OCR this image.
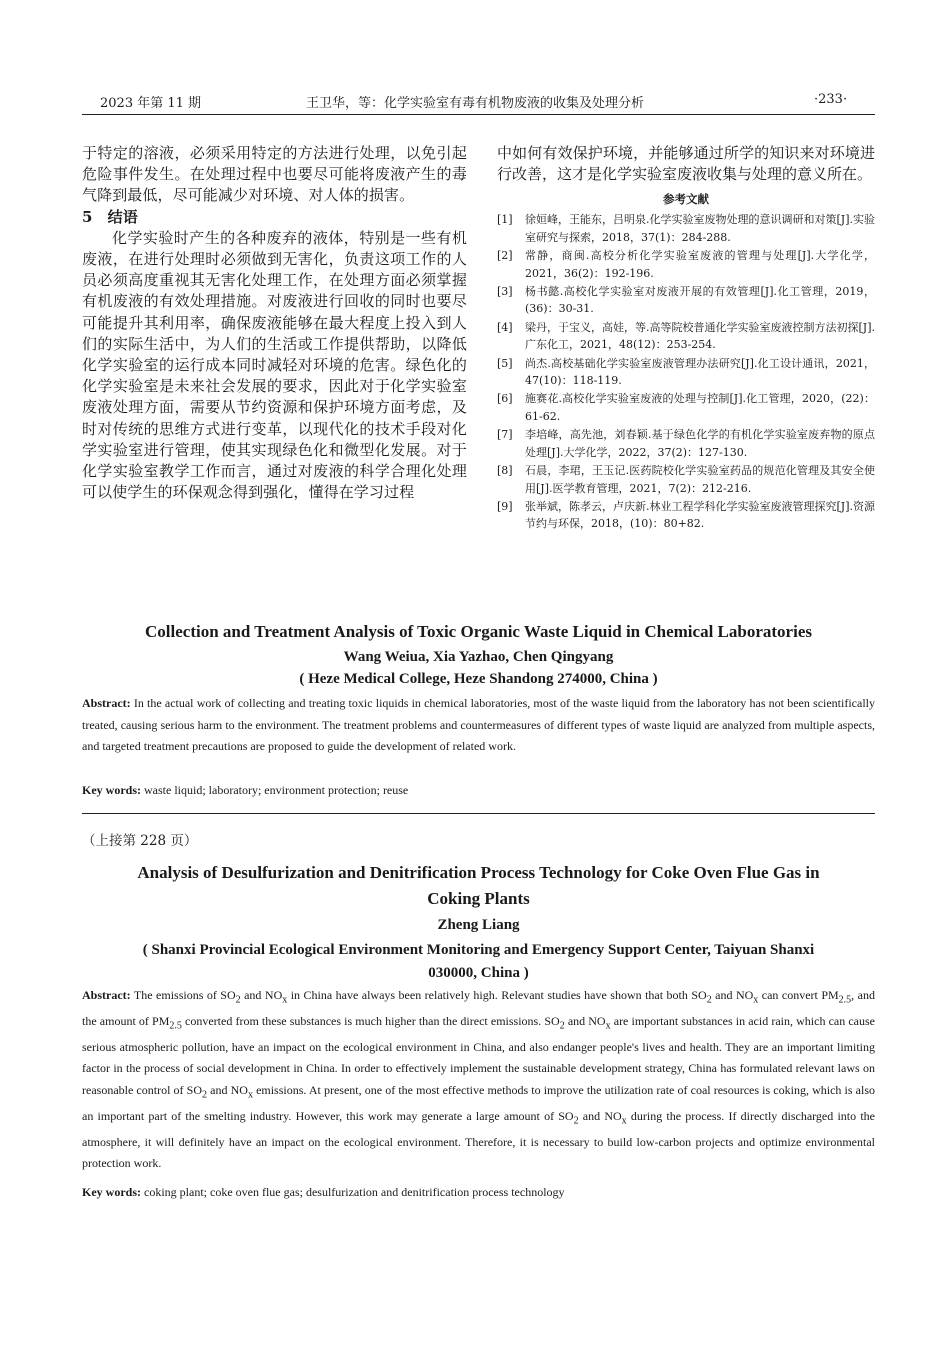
2023 年第 11 期	王卫华，等：化学实验室有毒有机物废液的收集及处理分析	·233·

于特定的溶液，必须采用特定的方法进行处理，以免引起危险事件发生。在处理过程中也要尽可能将废液产生的毒气降到最低，尽可能减少对环境、对人体的损害。

5　结语

化学实验时产生的各种废弃的液体，特别是一些有机废液，在进行处理时必须做到无害化，负责这项工作的人员必须高度重视其无害化处理工作，在处理方面必须掌握有机废液的有效处理措施。对废液进行回收的同时也要尽可能提升其利用率，确保废液能够在最大程度上投入到人们的实际生活中，为人们的生活或工作提供帮助，以降低化学实验室的运行成本同时减轻对环境的危害。绿色化的化学实验室是未来社会发展的要求，因此对于化学实验室废液处理方面，需要从节约资源和保护环境方面考虑，及时对传统的思维方式进行变革，以现代化的技术手段对化学实验室进行管理，使其实现绿色化和微型化发展。对于化学实验室教学工作而言，通过对废液的科学合理化处理可以使学生的环保观念得到强化，懂得在学习过程

中如何有效保护环境，并能够通过所学的知识来对环境进行改善，这才是化学实验室废液收集与处理的意义所在。

参考文献
[1]	徐姮峰，王能东，吕明泉.化学实验室废物处理的意识调研和对策[J].实验室研究与探索，2018，37(1)：284-288.
[2]	常静，商闽.高校分析化学实验室废液的管理与处理[J].大学化学，2021，36(2)：192-196.
[3]	杨书懿.高校化学实验室对废液开展的有效管理[J].化工管理，2019，(36)：30-31.
[4]	梁丹，于宝义，高娃，等.高等院校普通化学实验室废液控制方法初探[J].广东化工，2021，48(12)：253-254.
[5]	尚杰.高校基础化学实验室废液管理办法研究[J].化工设计通讯，2021，47(10)：118-119.
[6]	施赛花.高校化学实验室废液的处理与控制[J].化工管理，2020，(22)：61-62.
[7]	李培峰，高先池，刘春颖.基于绿色化学的有机化学实验室废弃物的原点处理[J].大学化学，2022，37(2)：127-130.
[8]	石晨，李珺，王玉记.医药院校化学实验室药品的规范化管理及其安全使用[J].医学教育管理，2021，7(2)：212-216.
[9]	张举斌，陈孝云，卢庆新.林业工程学科化学实验室废液管理探究[J].资源节约与环保，2018，(10)：80+82.
Collection and Treatment Analysis of Toxic Organic Waste Liquid in Chemical Laboratories
Wang Weiua, Xia Yazhao, Chen Qingyang
( Heze Medical College, Heze Shandong 274000, China )
Abstract: In the actual work of collecting and treating toxic liquids in chemical laboratories, most of the waste liquid from the laboratory has not been scientifically treated, causing serious harm to the environment. The treatment problems and countermeasures of different types of waste liquid are analyzed from multiple aspects, and targeted treatment precautions are proposed to guide the development of related work.
Key words: waste liquid; laboratory; environment protection; reuse
（上接第 228 页）
Analysis of Desulfurization and Denitrification Process Technology for Coke Oven Flue Gas in
Coking Plants
Zheng Liang
( Shanxi Provincial Ecological Environment Monitoring and Emergency Support Center, Taiyuan Shanxi
030000, China )
Abstract: The emissions of $SO_2$ and $NO_x$ in China have always been relatively high. Relevant studies have shown that both $SO_2$ and $NO_x$ can convert $PM_{2.5}$, and the amount of $PM_{2.5}$ converted from these substances is much higher than the direct emissions. $SO_2$ and $NO_x$ are important substances in acid rain, which can cause serious atmospheric pollution, have an impact on the ecological environment in China, and also endanger people's lives and health. They are an important limiting factor in the process of social development in China. In order to effectively implement the sustainable development strategy, China has formulated relevant laws on reasonable control of $SO_2$ and $NO_x$ emissions. At present, one of the most effective methods to improve the utilization rate of coal resources is coking, which is also an important part of the smelting industry. However, this work may generate a large amount of $SO_2$ and $NO_x$ during the process. If directly discharged into the atmosphere, it will definitely have an impact on the ecological environment. Therefore, it is necessary to build low-carbon projects and optimize environmental protection work.
Key words: coking plant; coke oven flue gas; desulfurization and denitrification process technology
